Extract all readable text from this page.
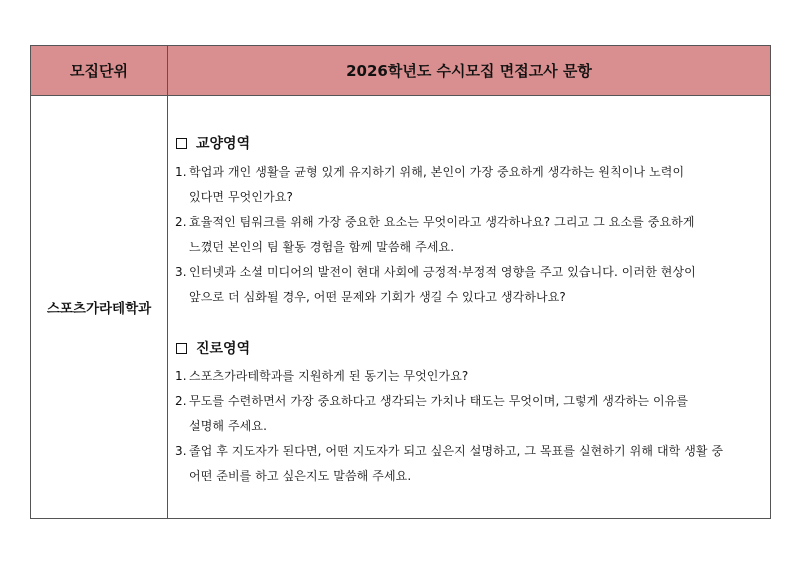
모집단위	2026학년도 수시모집 면접고사 문항
스포츠가라테학과
교양영역
1. 학업과 개인 생활을 균형 있게 유지하기 위해, 본인이 가장 중요하게 생각하는 원칙이나 노력이
있다면 무엇인가요?
2. 효율적인 팀워크를 위해 가장 중요한 요소는 무엇이라고 생각하나요? 그리고 그 요소를 중요하게
느꼈던 본인의 팀 활동 경험을 함께 말씀해 주세요.
3. 인터넷과 소셜 미디어의 발전이 현대 사회에 긍정적·부정적 영향을 주고 있습니다. 이러한 현상이
앞으로 더 심화될 경우, 어떤 문제와 기회가 생길 수 있다고 생각하나요?
진로영역
1. 스포츠가라테학과를 지원하게 된 동기는 무엇인가요?
2. 무도를 수련하면서 가장 중요하다고 생각되는 가치나 태도는 무엇이며, 그렇게 생각하는 이유를
설명해 주세요.
3. 졸업 후 지도자가 된다면, 어떤 지도자가 되고 싶은지 설명하고, 그 목표를 실현하기 위해 대학 생활 중
어떤 준비를 하고 싶은지도 말씀해 주세요.
